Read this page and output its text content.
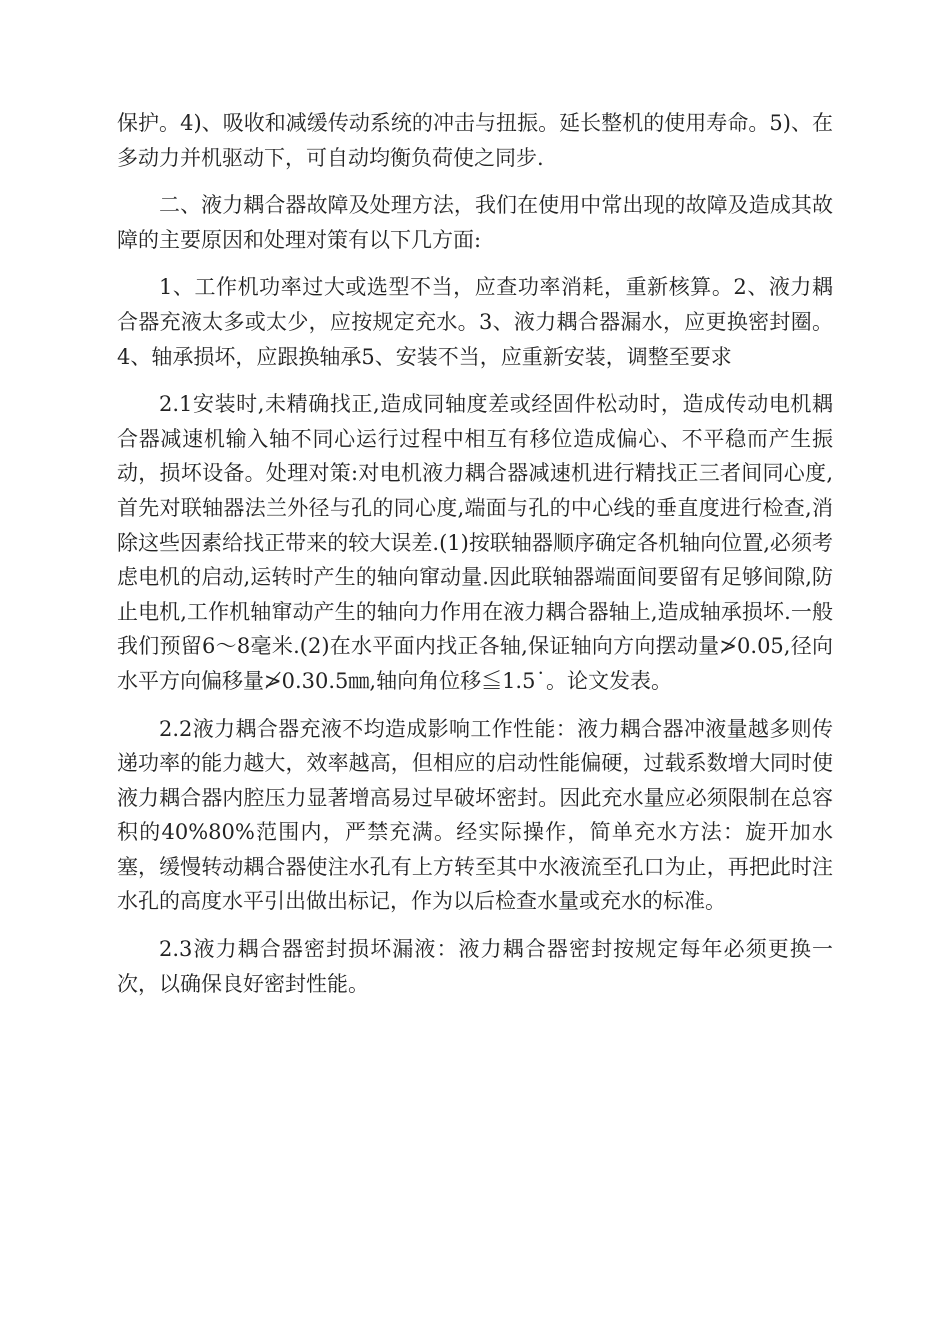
保护。4)、吸收和减缓传动系统的冲击与扭振。延长整机的使用寿命。5)、在多动力并机驱动下，可自动均衡负荷使之同步.

二、液力耦合器故障及处理方法，我们在使用中常出现的故障及造成其故障的主要原因和处理对策有以下几方面:

1、工作机功率过大或选型不当，应查功率消耗，重新核算。2、液力耦合器充液太多或太少，应按规定充水。3、液力耦合器漏水，应更换密封圈。4、轴承损坏，应跟换轴承5、安装不当，应重新安装，调整至要求

2.1安装时,未精确找正,造成同轴度差或经固件松动时，造成传动电机耦合器减速机输入轴不同心运行过程中相互有移位造成偏心、不平稳而产生振动，损坏设备。处理对策:对电机液力耦合器减速机进行精找正三者间同心度,首先对联轴器法兰外径与孔的同心度,端面与孔的中心线的垂直度进行检查,消除这些因素给找正带来的较大误差.(1)按联轴器顺序确定各机轴向位置,必须考虑电机的启动,运转时产生的轴向窜动量.因此联轴器端面间要留有足够间隙,防止电机,工作机轴窜动产生的轴向力作用在液力耦合器轴上,造成轴承损坏.一般我们预留6～8毫米.(2)在水平面内找正各轴,保证轴向方向摆动量≯0.05,径向水平方向偏移量≯0.30.5㎜,轴向角位移≦1.5˙。论文发表。

2.2液力耦合器充液不均造成影响工作性能：液力耦合器冲液量越多则传递功率的能力越大，效率越高，但相应的启动性能偏硬，过载系数增大同时使液力耦合器内腔压力显著增高易过早破坏密封。因此充水量应必须限制在总容积的40%80%范围内，严禁充满。经实际操作，简单充水方法：旋开加水塞，缓慢转动耦合器使注水孔有上方转至其中水液流至孔口为止，再把此时注水孔的高度水平引出做出标记，作为以后检查水量或充水的标准。

2.3液力耦合器密封损坏漏液：液力耦合器密封按规定每年必须更换一次，以确保良好密封性能。
